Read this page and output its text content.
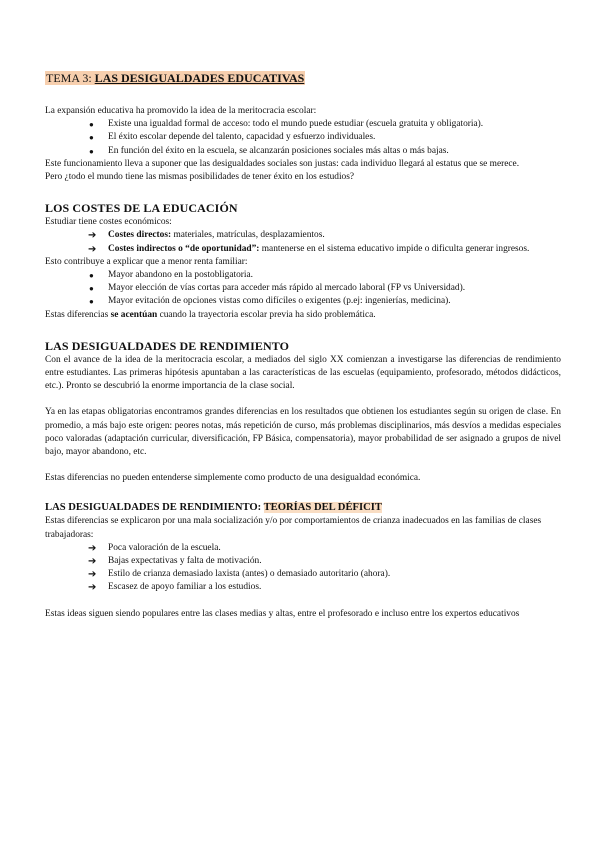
TEMA 3: LAS DESIGUALDADES EDUCATIVAS

La expansión educativa ha promovido la idea de la meritocracia escolar:

● Existe una igualdad formal de acceso: todo el mundo puede estudiar (escuela gratuita y obligatoria).
● El éxito escolar depende del talento, capacidad y esfuerzo individuales.
● En función del éxito en la escuela, se alcanzarán posiciones sociales más altas o más bajas.

Este funcionamiento lleva a suponer que las desigualdades sociales son justas: cada individuo llegará al estatus que se merece.

Pero ¿todo el mundo tiene las mismas posibilidades de tener éxito en los estudios?

LOS COSTES DE LA EDUCACIÓN

Estudiar tiene costes económicos:

➔ Costes directos: materiales, matrículas, desplazamientos.
➔ Costes indirectos o “de oportunidad”: mantenerse en el sistema educativo impide o dificulta generar ingresos.

Esto contribuye a explicar que a menor renta familiar:

● Mayor abandono en la postobligatoria.
● Mayor elección de vías cortas para acceder más rápido al mercado laboral (FP vs Universidad).
● Mayor evitación de opciones vistas como difíciles o exigentes (p.ej: ingenierías, medicina).

Estas diferencias se acentúan cuando la trayectoria escolar previa ha sido problemática.

LAS DESIGUALDADES DE RENDIMIENTO

Con el avance de la idea de la meritocracia escolar, a mediados del siglo XX comienzan a investigarse las diferencias de rendimiento entre estudiantes. Las primeras hipótesis apuntaban a las características de las escuelas (equipamiento, profesorado, métodos didácticos, etc.). Pronto se descubrió la enorme importancia de la clase social.

Ya en las etapas obligatorias encontramos grandes diferencias en los resultados que obtienen los estudiantes según su origen de clase. En promedio, a más bajo este origen: peores notas, más repetición de curso, más problemas disciplinarios, más desvíos a medidas especiales poco valoradas (adaptación curricular, diversificación, FP Básica, compensatoria), mayor probabilidad de ser asignado a grupos de nivel bajo, mayor abandono, etc.

Estas diferencias no pueden entenderse simplemente como producto de una desigualdad económica.

LAS DESIGUALDADES DE RENDIMIENTO: TEORÍAS DEL DÉFICIT

Estas diferencias se explicaron por una mala socialización y/o por comportamientos de crianza inadecuados en las familias de clases trabajadoras:

➔ Poca valoración de la escuela.
➔ Bajas expectativas y falta de motivación.
➔ Estilo de crianza demasiado laxista (antes) o demasiado autoritario (ahora).
➔ Escasez de apoyo familiar a los estudios.

Estas ideas siguen siendo populares entre las clases medias y altas, entre el profesorado e incluso entre los expertos educativos
